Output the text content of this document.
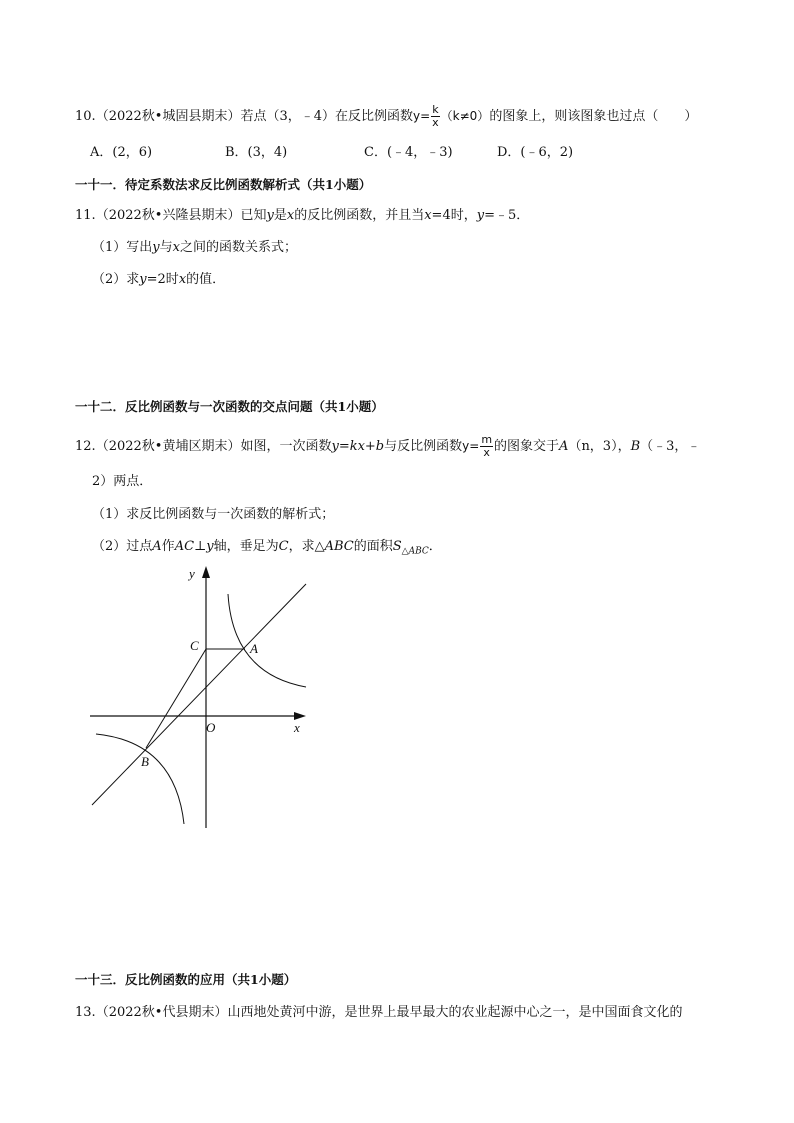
10.（2022秋•城固县期末）若点（3，﹣4）在反比例函数$y= \frac{k}{x} (k\ne 0)$的图象上，则该图象也过点（　　）
A．(2，6)	B．(3，4)	C．(﹣4，﹣3)	D．(﹣6，2)
一十一．待定系数法求反比例函数解析式（共1小题）
11.（2022秋•兴隆县期末）已知y是x的反比例函数，并且当x=4时，y=﹣5．
（1）写出y与x之间的函数关系式；
（2）求y=2时x的值．
一十二．反比例函数与一次函数的交点问题（共1小题）
12.（2022秋•黄埔区期末）如图，一次函数y=kx+b与反比例函数$y= \frac{m}{x}$ 的图象交于A（n，3），B（﹣3，﹣
2）两点．
（1）求反比例函数与一次函数的解析式；
（2）过点A作AC⊥y轴，垂足为C，求△ABC的面积$S_{\triangle ABC}$．
y
x
O
C	A
B
一十三．反比例函数的应用（共1小题）
13.（2022秋•代县期末）山西地处黄河中游，是世界上最早最大的农业起源中心之一，是中国面食文化的
